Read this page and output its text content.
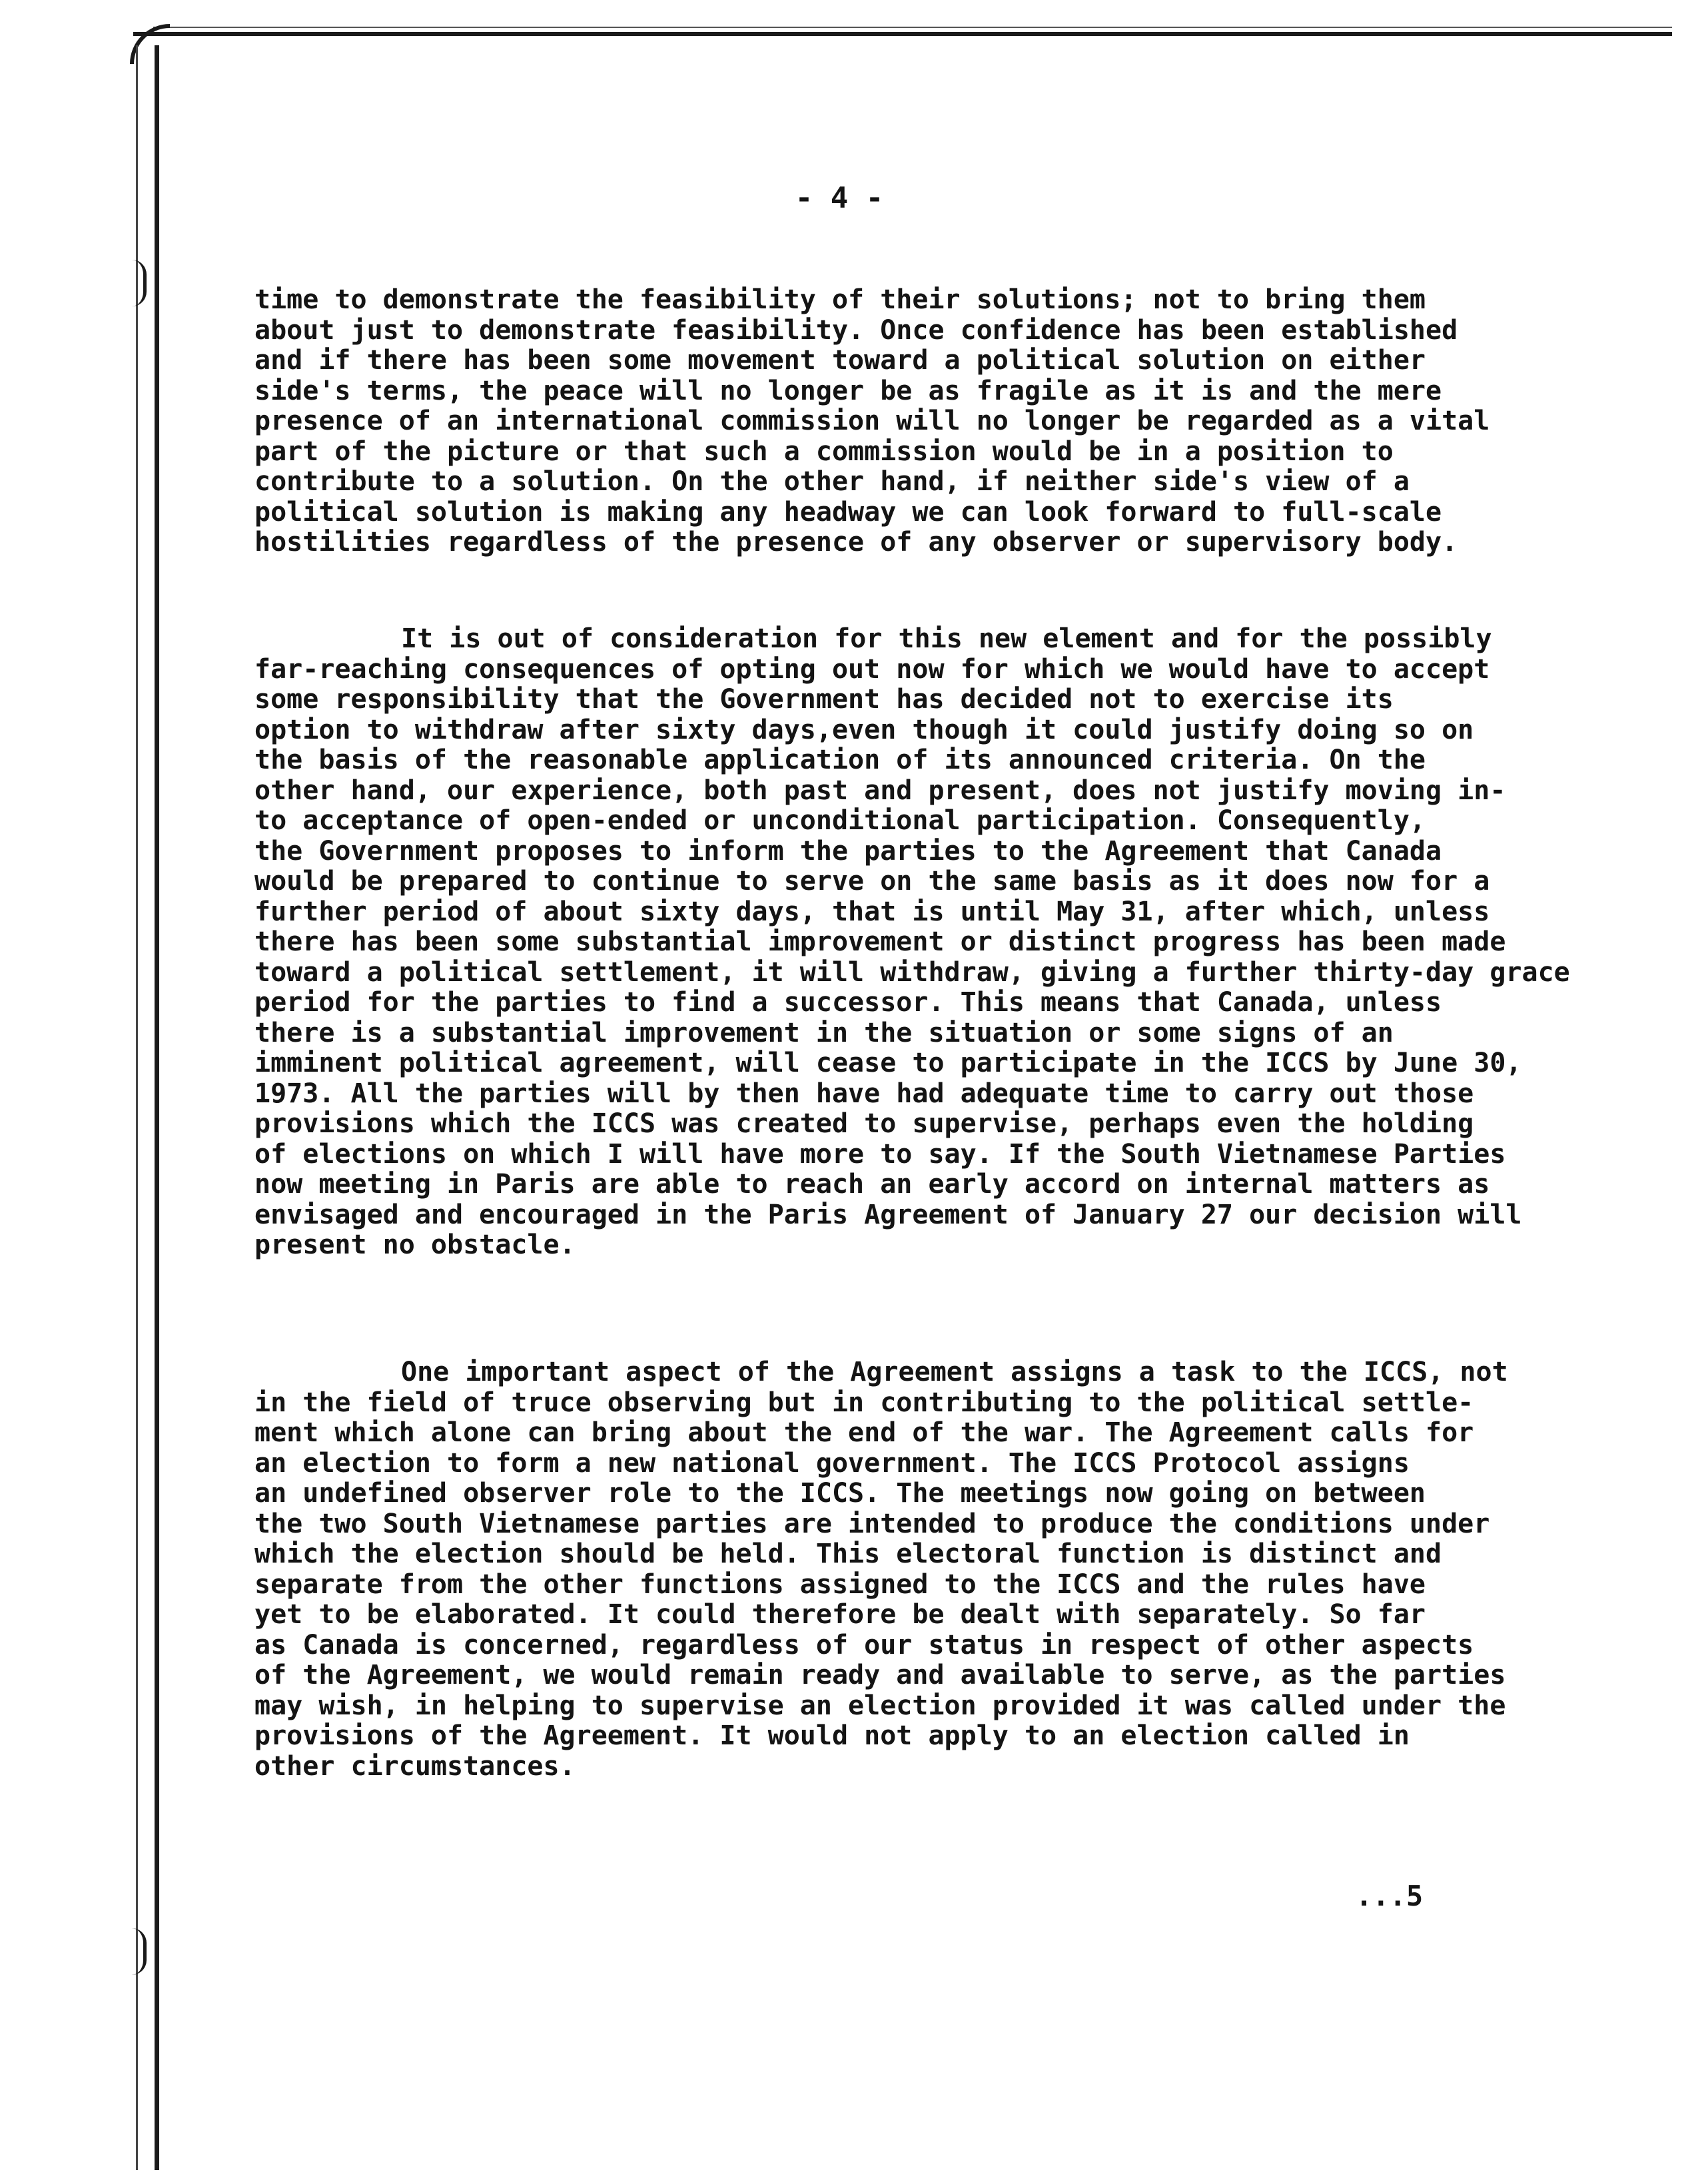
- 4 -
time to demonstrate the feasibility of their solutions; not to bring them
about just to demonstrate feasibility. Once confidence has been established
and if there has been some movement toward a political solution on either
side's terms, the peace will no longer be as fragile as it is and the mere
presence of an international commission will no longer be regarded as a vital
part of the picture or that such a commission would be in a position to
contribute to a solution. On the other hand, if neither side's view of a
political solution is making any headway we can look forward to full-scale
hostilities regardless of the presence of any observer or supervisory body.
It is out of consideration for this new element and for the possibly
far-reaching consequences of opting out now for which we would have to accept
some responsibility that the Government has decided not to exercise its
option to withdraw after sixty days,even though it could justify doing so on
the basis of the reasonable application of its announced criteria. On the
other hand, our experience, both past and present, does not justify moving in-
to acceptance of open-ended or unconditional participation. Consequently,
the Government proposes to inform the parties to the Agreement that Canada
would be prepared to continue to serve on the same basis as it does now for a
further period of about sixty days, that is until May 31, after which, unless
there has been some substantial improvement or distinct progress has been made
toward a political settlement, it will withdraw, giving a further thirty-day grace
period for the parties to find a successor. This means that Canada, unless
there is a substantial improvement in the situation or some signs of an
imminent political agreement, will cease to participate in the ICCS by June 30,
1973. All the parties will by then have had adequate time to carry out those
provisions which the ICCS was created to supervise, perhaps even the holding
of elections on which I will have more to say. If the South Vietnamese Parties
now meeting in Paris are able to reach an early accord on internal matters as
envisaged and encouraged in the Paris Agreement of January 27 our decision will
present no obstacle.
One important aspect of the Agreement assigns a task to the ICCS, not
in the field of truce observing but in contributing to the political settle-
ment which alone can bring about the end of the war. The Agreement calls for
an election to form a new national government. The ICCS Protocol assigns
an undefined observer role to the ICCS. The meetings now going on between
the two South Vietnamese parties are intended to produce the conditions under
which the election should be held. This electoral function is distinct and
separate from the other functions assigned to the ICCS and the rules have
yet to be elaborated. It could therefore be dealt with separately. So far
as Canada is concerned, regardless of our status in respect of other aspects
of the Agreement, we would remain ready and available to serve, as the parties
may wish, in helping to supervise an election provided it was called under the
provisions of the Agreement. It would not apply to an election called in
other circumstances.
...5
